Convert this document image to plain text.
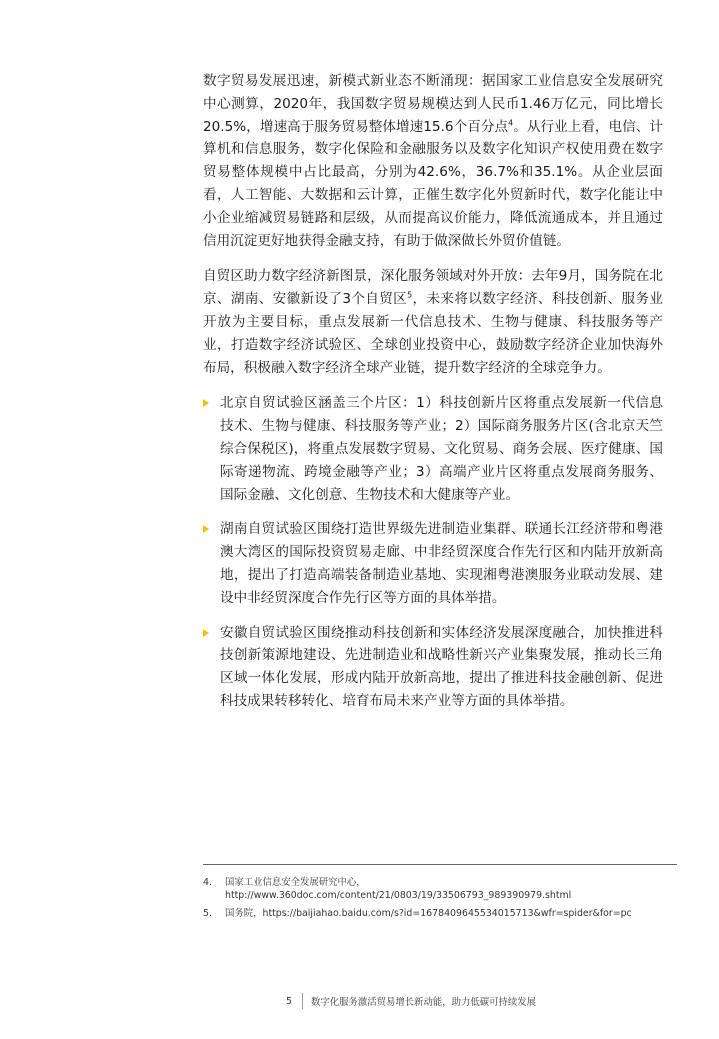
数字贸易发展迅速，新模式新业态不断涌现：据国家工业信息安全发展研究中心测算，2020年，我国数字贸易规模达到人民币1.46万亿元，同比增长20.5%，增速高于服务贸易整体增速15.6个百分点$^4$。从行业上看，电信、计算机和信息服务，数字化保险和金融服务以及数字化知识产权使用费在数字贸易整体规模中占比最高，分别为42.6%，36.7%和35.1%。从企业层面看，人工智能、大数据和云计算，正催生数字化外贸新时代，数字化能让中小企业缩减贸易链路和层级，从而提高议价能力，降低流通成本，并且通过信用沉淀更好地获得金融支持，有助于做深做长外贸价值链。

自贸区助力数字经济新图景，深化服务领域对外开放：去年9月，国务院在北京、湖南、安徽新设了3个自贸区$^5$，未来将以数字经济、科技创新、服务业开放为主要目标，重点发展新一代信息技术、生物与健康、科技服务等产业，打造数字经济试验区、全球创业投资中心，鼓励数字经济企业加快海外布局，积极融入数字经济全球产业链，提升数字经济的全球竞争力。

北京自贸试验区涵盖三个片区：1）科技创新片区将重点发展新一代信息技术、生物与健康、科技服务等产业；2）国际商务服务片区(含北京天竺综合保税区)，将重点发展数字贸易、文化贸易、商务会展、医疗健康、国际寄递物流、跨境金融等产业；3）高端产业片区将重点发展商务服务、国际金融、文化创意、生物技术和大健康等产业。

湖南自贸试验区围绕打造世界级先进制造业集群、联通长江经济带和粤港澳大湾区的国际投资贸易走廊、中非经贸深度合作先行区和内陆开放新高地，提出了打造高端装备制造业基地、实现湘粤港澳服务业联动发展、建设中非经贸深度合作先行区等方面的具体举措。

安徽自贸试验区围绕推动科技创新和实体经济发展深度融合，加快推进科技创新策源地建设、先进制造业和战略性新兴产业集聚发展，推动长三角区域一体化发展，形成内陆开放新高地，提出了推进科技金融创新、促进科技成果转移转化、培育布局未来产业等方面的具体举措。

4.	国家工业信息安全发展研究中心，
http://www.360doc.com/content/21/0803/19/33506793_989390979.shtml
5.	国务院，https://baijiahao.baidu.com/s?id=1678409645534015713&wfr=spider&for=pc
5 数字化服务激活贸易增长新动能，助力低碳可持续发展
